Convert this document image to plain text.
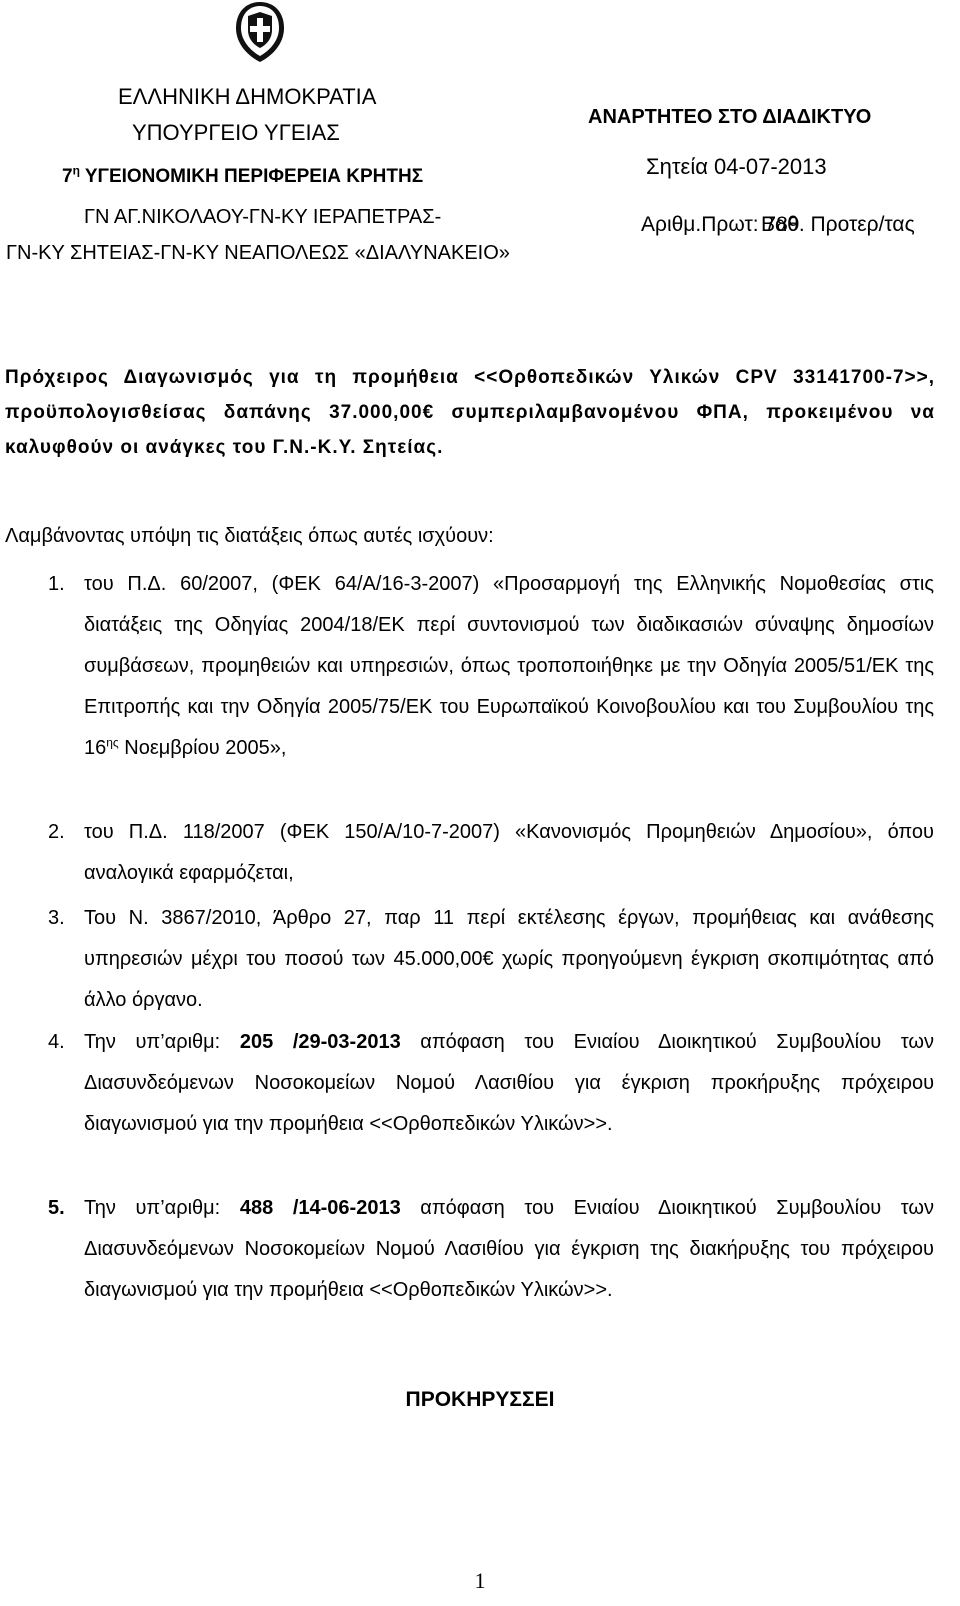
ΕΛΛΗΝΙΚΗ ΔΗΜΟΚΡΑΤΙΑ
ΥΠΟΥΡΓΕΙΟ ΥΓΕΙΑΣ
$7^\eta$ ΥΓΕΙΟΝΟΜΙΚΗ ΠΕΡΙΦΕΡΕΙΑ ΚΡΗΤΗΣ
ΓΝ ΑΓ.ΝΙΚΟΛΑΟΥ-ΓΝ-ΚΥ ΙΕΡΑΠΕΤΡΑΣ-
ΓΝ-ΚΥ ΣΗΤΕΙΑΣ-ΓΝ-ΚΥ ΝΕΑΠΟΛΕΩΣ «ΔΙΑΛΥΝΑΚΕΙΟ»
ΑΝΑΡΤΗΤΕΟ ΣΤΟ ΔΙΑΔΙΚΤΥΟ
Σητεία 04-07-2013
Αριθμ.Πρωτ: 789
Βαθ. Προτερ/τας
Πρόχειρος Διαγωνισμός για τη προμήθεια <<Ορθοπεδικών Υλικών CPV 33141700-7>>, προϋπολογισθείσας δαπάνης 37.000,00€ συμπεριλαμβανομένου ΦΠΑ, προκειμένου να καλυφθούν οι ανάγκες του Γ.Ν.-Κ.Υ. Σητείας.
Λαμβάνοντας υπόψη τις διατάξεις όπως αυτές ισχύουν:
1. του Π.Δ. 60/2007, (ΦΕΚ 64/Α/16-3-2007) «Προσαρμογή της Ελληνικής Νομοθεσίας στις διατάξεις της Οδηγίας 2004/18/ΕΚ περί συντονισμού των διαδικασιών σύναψης δημοσίων συμβάσεων, προμηθειών και υπηρεσιών, όπως τροποποιήθηκε με την Οδηγία 2005/51/ΕΚ της Επιτροπής και την Οδηγία 2005/75/ΕΚ του Ευρωπαϊκού Κοινοβουλίου και του Συμβουλίου της $16^{\eta\varsigma}$ Νοεμβρίου 2005»,
2. του Π.Δ. 118/2007 (ΦΕΚ 150/Α/10-7-2007) «Κανονισμός Προμηθειών Δημοσίου», όπου αναλογικά εφαρμόζεται,
3. Του Ν. 3867/2010, Άρθρο 27, παρ 11 περί εκτέλεσης έργων, προμήθειας και ανάθεσης υπηρεσιών μέχρι του ποσού των 45.000,00€ χωρίς προηγούμενη έγκριση σκοπιμότητας από άλλο όργανο.
4. Την υπ’αριθμ: 205 /29-03-2013 απόφαση του Ενιαίου Διοικητικού Συμβουλίου των Διασυνδεόμενων Νοσοκομείων Νομού Λασιθίου για έγκριση προκήρυξης πρόχειρου διαγωνισμού για την προμήθεια <<Ορθοπεδικών Υλικών>>.
5. Την υπ’αριθμ: 488 /14-06-2013 απόφαση του Ενιαίου Διοικητικού Συμβουλίου των Διασυνδεόμενων Νοσοκομείων Νομού Λασιθίου για έγκριση της διακήρυξης του πρόχειρου διαγωνισμού για την προμήθεια <<Ορθοπεδικών Υλικών>>.
ΠΡΟΚΗΡΥΣΣΕΙ
1
